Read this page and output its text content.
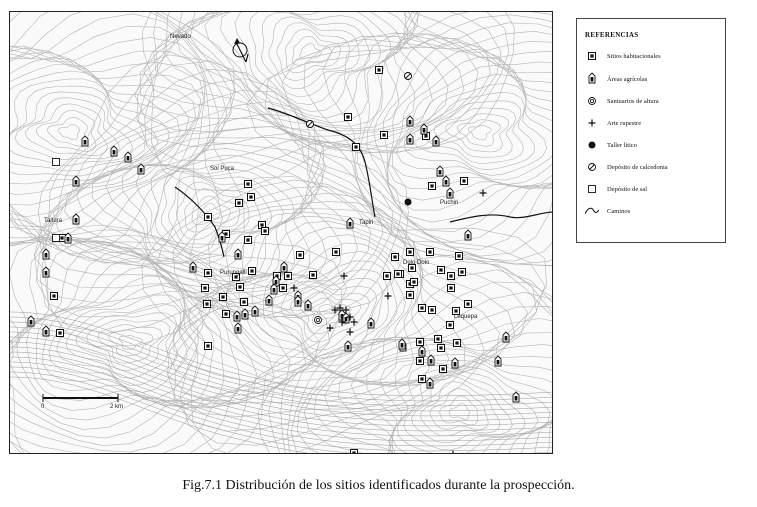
0	2 km
Nevado
Sol Puca
Tapiri
Puchiri
Tajtura
Purungalli
Dolo Dolo
Lequepa
REFERENCIAS
Sitios habitacionales
Áreas agrícolas
Santuarios de altura
Arte rupestre
Taller lítico
Depósito de calcedonia
Depósito de sal
Caminos
Fig.7.1 Distribución de los sitios identificados durante la prospección.
